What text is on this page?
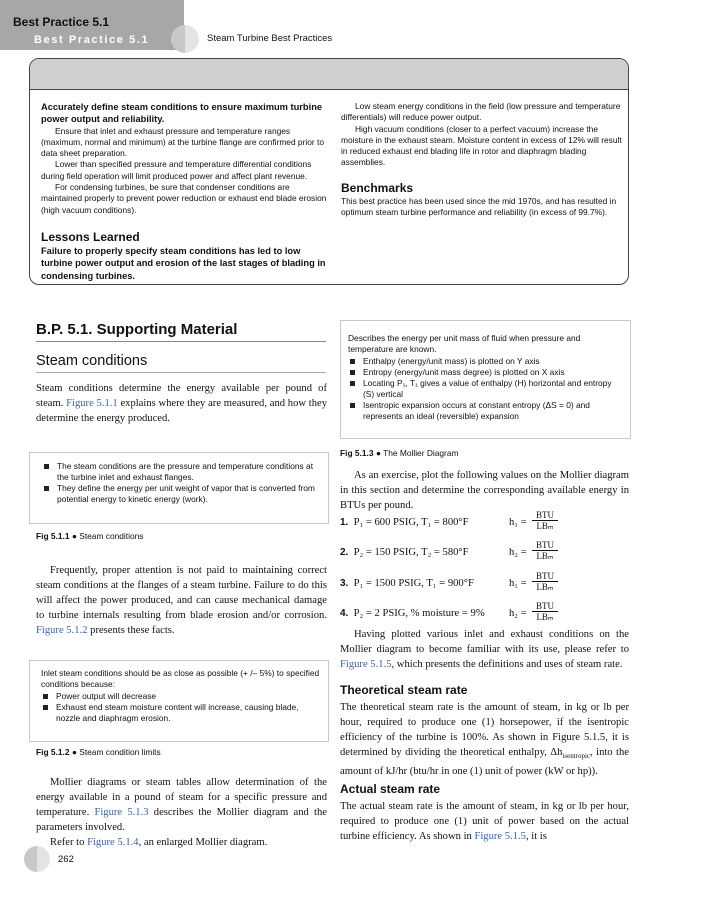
Best Practice 5.1	Steam Turbine Best Practices
Best Practice 5.1

Accurately define steam conditions to ensure maximum turbine power output and reliability.

Ensure that inlet and exhaust pressure and temperature ranges (maximum, normal and minimum) at the turbine flange are confirmed prior to data sheet preparation.

Lower than specified pressure and temperature differential conditions during field operation will limit produced power and affect plant revenue.

For condensing turbines, be sure that condenser conditions are maintained properly to prevent power reduction or exhaust end blade erosion (high vacuum conditions).

Lessons Learned

Failure to properly specify steam conditions has led to low turbine power output and erosion of the last stages of blading in condensing turbines.

Low steam energy conditions in the field (low pressure and temperature differentials) will reduce power output.

High vacuum conditions (closer to a perfect vacuum) increase the moisture in the exhaust steam. Moisture content in excess of 12% will result in reduced exhaust end blading life in rotor and diaphragm blading assemblies.

Benchmarks

This best practice has been used since the mid 1970s, and has resulted in optimum steam turbine performance and reliability (in excess of 99.7%).

B.P. 5.1. Supporting Material
Steam conditions

Steam conditions determine the energy available per pound of steam. Figure 5.1.1 explains where they are measured, and how they determine the energy produced.

The steam conditions are the pressure and temperature conditions at the turbine inlet and exhaust flanges.
They define the energy per unit weight of vapor that is converted from potential energy to kinetic energy (work).
Fig 5.1.1 ● Steam conditions

Frequently, proper attention is not paid to maintaining correct steam conditions at the flanges of a steam turbine. Failure to do this will affect the power produced, and can cause mechanical damage to turbine internals resulting from blade erosion and/or corrosion. Figure 5.1.2 presents these facts.

Inlet steam conditions should be as close as possible (+ /– 5%) to specified conditions because:
Power output will decrease
Exhaust end steam moisture content will increase, causing blade, nozzle and diaphragm erosion.
Fig 5.1.2 ● Steam condition limits

Mollier diagrams or steam tables allow determination of the energy available in a pound of steam for a specific pressure and temperature. Figure 5.1.3 describes the Mollier diagram and the parameters involved.

Refer to Figure 5.1.4, an enlarged Mollier diagram.

Describes the energy per unit mass of fluid when pressure and temperature are known.
Enthalpy (energy/unit mass) is plotted on Y axis
Entropy (energy/unit mass degree) is plotted on X axis
Locating P₁, T₁ gives a value of enthalpy (H) horizontal and entropy (S) vertical
Isentropic expansion occurs at constant entropy (ΔS = 0) and represents an ideal (reversible) expansion
Fig 5.1.3 ● The Mollier Diagram

As an exercise, plot the following values on the Mollier diagram in this section and determine the corresponding available energy in BTUs per pound.

1. P₁ = 600 PSIG, T₁ = 800°F	h₁ =
BTU
LBₘ
2. P₂ = 150 PSIG, T₂ = 580°F	h₂ =
BTU
LBₘ
3. P₁ = 1500 PSIG, T₁ = 900°F	h₁ =
BTU
LBₘ
4. P₂ = 2 PSIG, % moisture = 9% h₂ =
BTU
LBₘ

Having plotted various inlet and exhaust conditions on the Mollier diagram to become familiar with its use, please refer to Figure 5.1.5, which presents the definitions and uses of steam rate.

Theoretical steam rate

The theoretical steam rate is the amount of steam, in kg or lb per hour, required to produce one (1) horsepower, if the isentropic efficiency of the turbine is 100%. As shown in Figure 5.1.5, it is determined by dividing the theoretical enthalpy, $\Delta h_{isentropic}$, into the amount of kJ/hr (btu/hr in one (1) unit of power (kW or hp)).

Actual steam rate

The actual steam rate is the amount of steam, in kg or lb per hour, required to produce one (1) unit of power based on the actual turbine efficiency. As shown in Figure 5.1.5, it is

262
